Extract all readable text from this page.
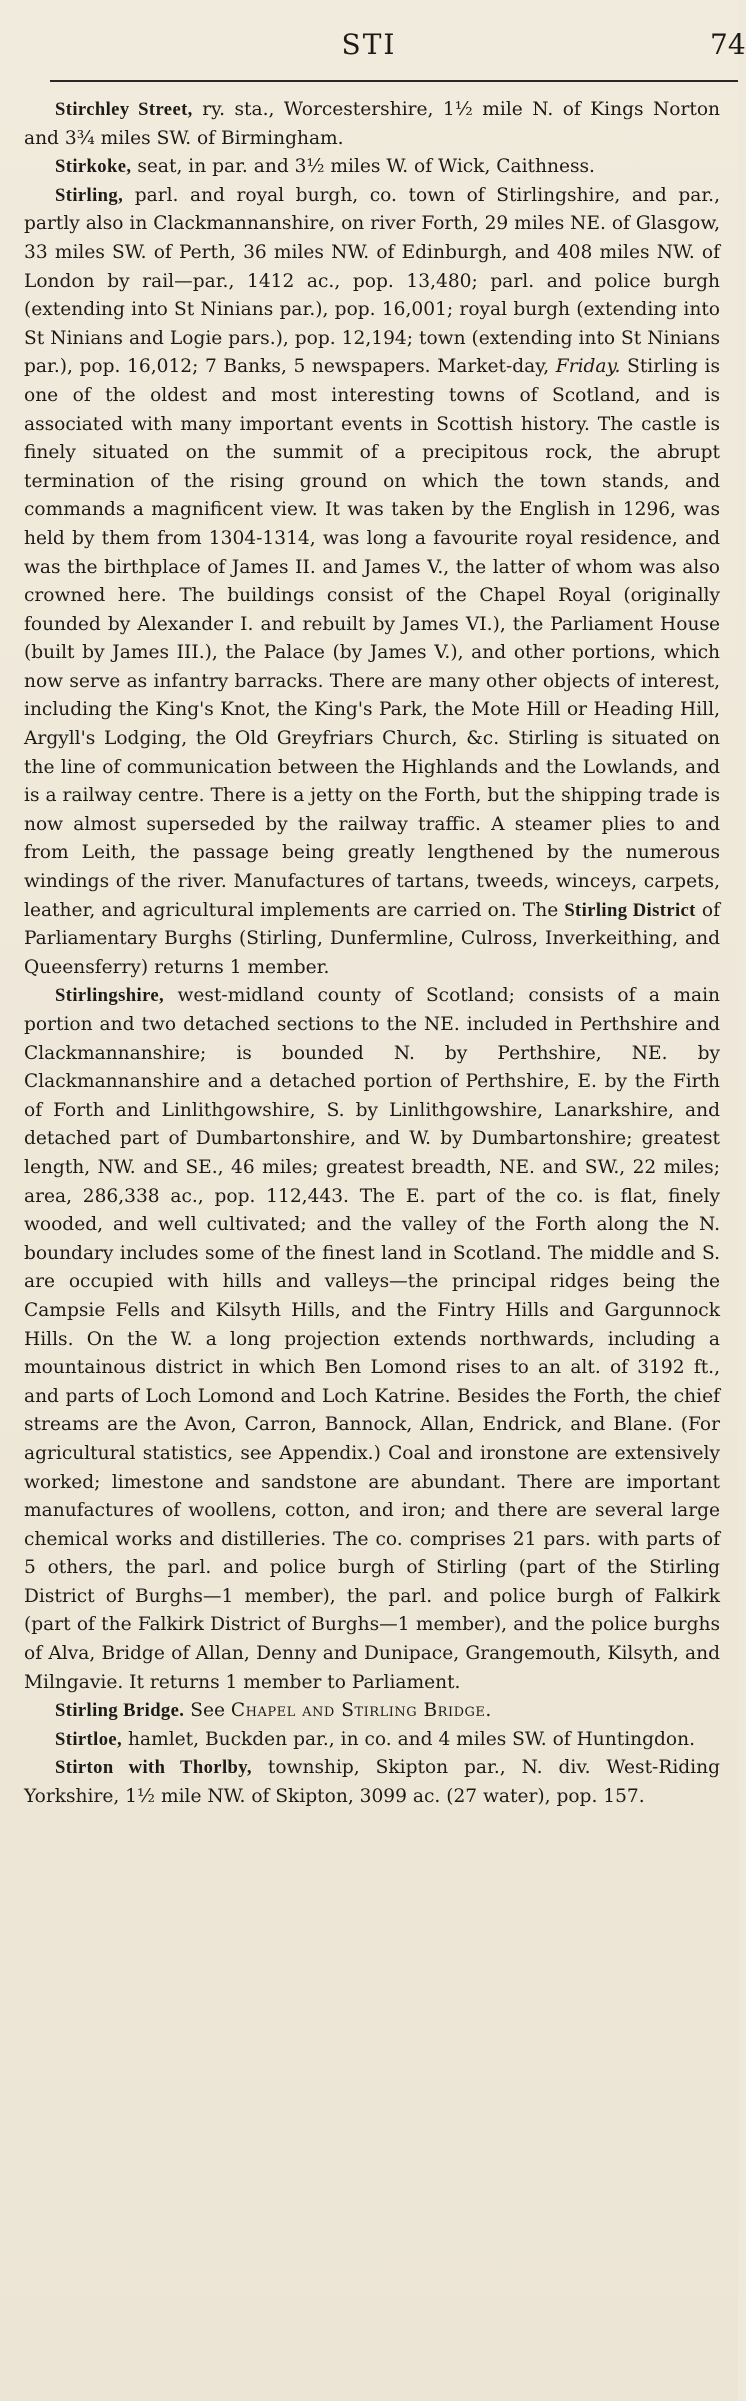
STI	74

Stirchley Street, ry. sta., Worcestershire, 1½ mile N. of Kings Norton and 3¾ miles SW. of Birmingham.

Stirkoke, seat, in par. and 3½ miles W. of Wick, Caithness.

Stirling, parl. and royal burgh, co. town of Stirlingshire, and par., partly also in Clackmannanshire, on river Forth, 29 miles NE. of Glasgow, 33 miles SW. of Perth, 36 miles NW. of Edinburgh, and 408 miles NW. of London by rail—par., 1412 ac., pop. 13,480; parl. and police burgh (extending into St Ninians par.), pop. 16,001; royal burgh (extending into St Ninians and Logie pars.), pop. 12,194; town (extending into St Ninians par.), pop. 16,012; 7 Banks, 5 newspapers. Market-day, Friday. Stirling is one of the oldest and most interesting towns of Scotland, and is associated with many important events in Scottish history. The castle is finely situated on the summit of a precipitous rock, the abrupt termination of the rising ground on which the town stands, and commands a magnificent view. It was taken by the English in 1296, was held by them from 1304-1314, was long a favourite royal residence, and was the birthplace of James II. and James V., the latter of whom was also crowned here. The buildings consist of the Chapel Royal (originally founded by Alexander I. and rebuilt by James VI.), the Parliament House (built by James III.), the Palace (by James V.), and other portions, which now serve as infantry barracks. There are many other objects of interest, including the King's Knot, the King's Park, the Mote Hill or Heading Hill, Argyll's Lodging, the Old Greyfriars Church, &c. Stirling is situated on the line of communication between the Highlands and the Lowlands, and is a railway centre. There is a jetty on the Forth, but the shipping trade is now almost superseded by the railway traffic. A steamer plies to and from Leith, the passage being greatly lengthened by the numerous windings of the river. Manufactures of tartans, tweeds, winceys, carpets, leather, and agricultural implements are carried on. The Stirling District of Parliamentary Burghs (Stirling, Dunfermline, Culross, Inverkeithing, and Queensferry) returns 1 member.

Stirlingshire, west-midland county of Scotland; consists of a main portion and two detached sections to the NE. included in Perthshire and Clackmannanshire; is bounded N. by Perthshire, NE. by Clackmannanshire and a detached portion of Perthshire, E. by the Firth of Forth and Linlithgowshire, S. by Linlithgowshire, Lanarkshire, and detached part of Dumbartonshire, and W. by Dumbartonshire; greatest length, NW. and SE., 46 miles; greatest breadth, NE. and SW., 22 miles; area, 286,338 ac., pop. 112,443. The E. part of the co. is flat, finely wooded, and well cultivated; and the valley of the Forth along the N. boundary includes some of the finest land in Scotland. The middle and S. are occupied with hills and valleys—the principal ridges being the Campsie Fells and Kilsyth Hills, and the Fintry Hills and Gargunnock Hills. On the W. a long projection extends northwards, including a mountainous district in which Ben Lomond rises to an alt. of 3192 ft., and parts of Loch Lomond and Loch Katrine. Besides the Forth, the chief streams are the Avon, Carron, Bannock, Allan, Endrick, and Blane. (For agricultural statistics, see Appendix.) Coal and ironstone are extensively worked; limestone and sandstone are abundant. There are important manufactures of woollens, cotton, and iron; and there are several large chemical works and distilleries. The co. comprises 21 pars. with parts of 5 others, the parl. and police burgh of Stirling (part of the Stirling District of Burghs—1 member), the parl. and police burgh of Falkirk (part of the Falkirk District of Burghs—1 member), and the police burghs of Alva, Bridge of Allan, Denny and Dunipace, Grangemouth, Kilsyth, and Milngavie. It returns 1 member to Parliament.

Stirling Bridge. See Chapel and Stirling Bridge.

Stirtloe, hamlet, Buckden par., in co. and 4 miles SW. of Huntingdon.

Stirton with Thorlby, township, Skipton par., N. div. West-Riding Yorkshire, 1½ mile NW. of Skipton, 3099 ac. (27 water), pop. 157.
